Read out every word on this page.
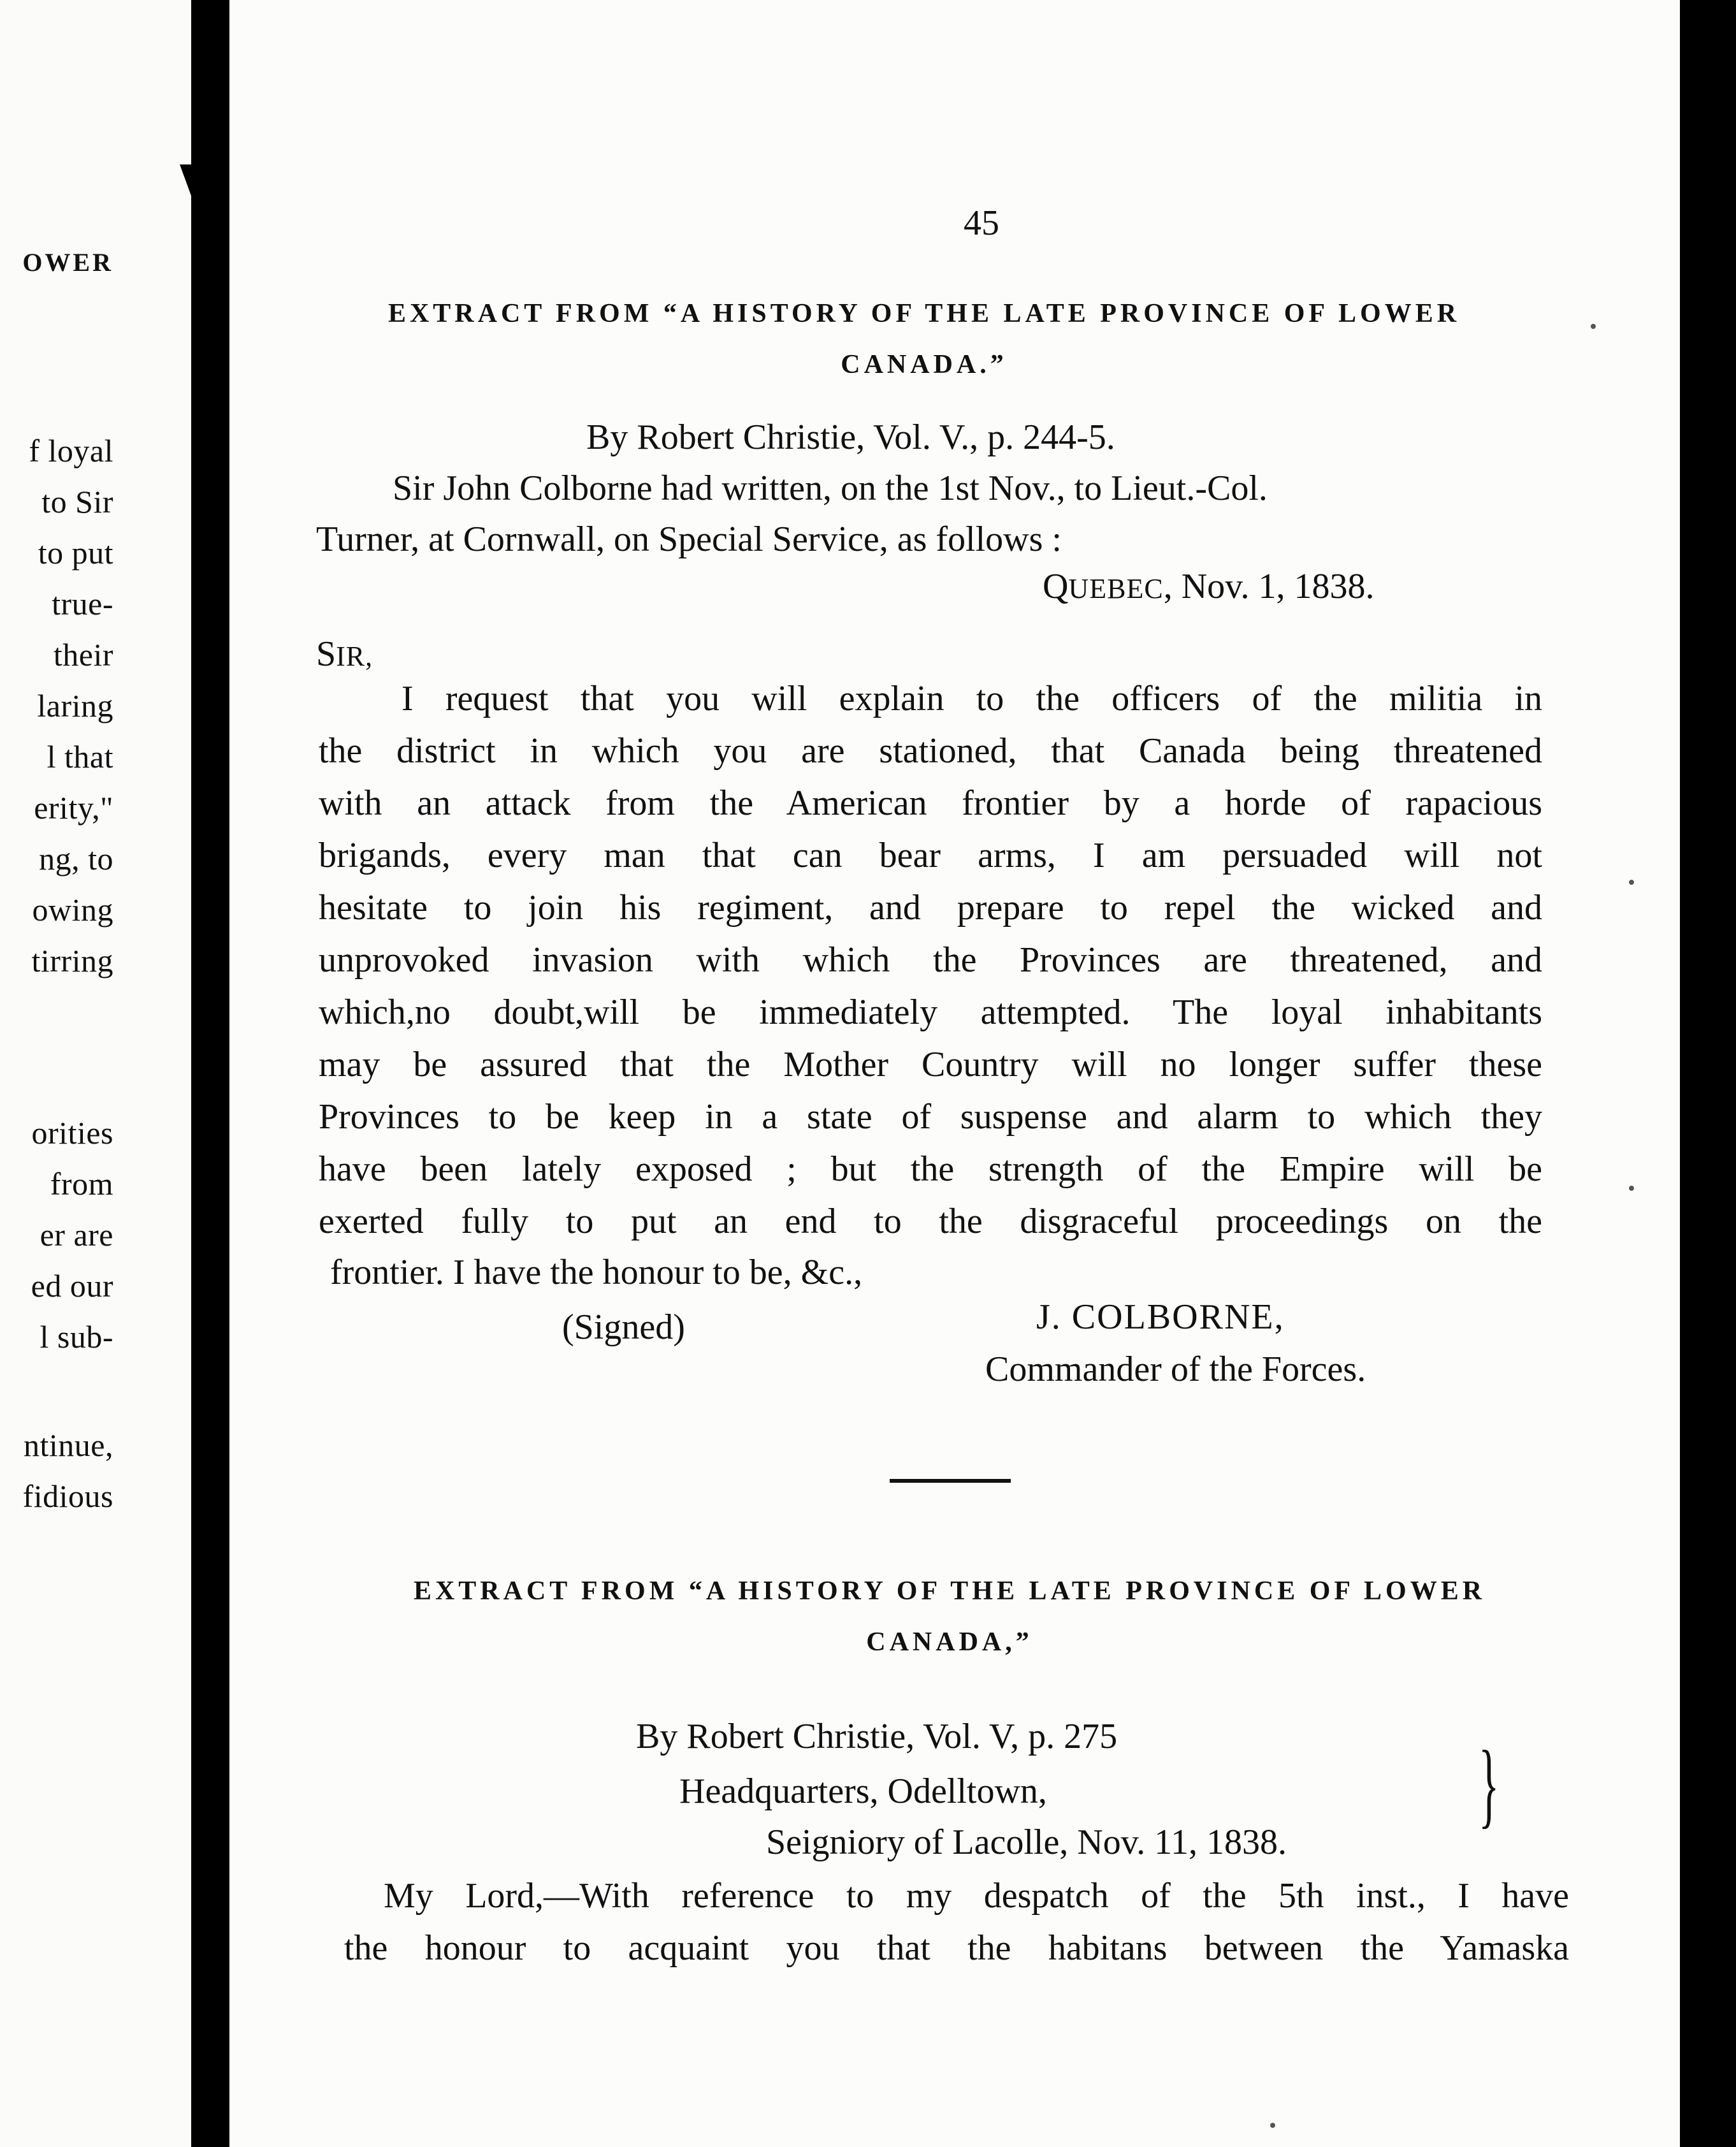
OWER
f loyal
to Sir
to put
true-
their
laring
l that
erity,"
ng, to
owing
tirring
orities
from
er are
ed our
l sub-
ntinue,
fidious
45
EXTRACT FROM “A HISTORY OF THE LATE PROVINCE OF LOWER
CANADA.”
By Robert Christie, Vol. V., p. 244-5.
Sir John Colborne had written, on the 1st Nov., to Lieut.-Col.
Turner, at Cornwall, on Special Service, as follows :
QUEBEC, Nov. 1, 1838.
SIR,
I request that you will explain to the officers of the militia in
the district in which you are stationed, that Canada being threatened
with an attack from the American frontier by a horde of rapacious
brigands, every man that can bear arms, I am persuaded will not
hesitate to join his regiment, and prepare to repel the wicked and
unprovoked invasion with which the Provinces are threatened, and
which,no doubt,will be immediately attempted. The loyal inhabitants
may be assured that the Mother Country will no longer suffer these
Provinces to be keep in a state of suspense and alarm to which they
have been lately exposed ; but the strength of the Empire will be
exerted fully to put an end to the disgraceful proceedings on the
frontier. I have the honour to be, &c.,
(Signed)	J. COLBORNE,
Commander of the Forces.
EXTRACT FROM “A HISTORY OF THE LATE PROVINCE OF LOWER
CANADA,”
By Robert Christie, Vol. V, p. 275
Headquarters, Odelltown,
Seigniory of Lacolle, Nov. 11, 1838.
}
My Lord,—With reference to my despatch of the 5th inst., I have
the honour to acquaint you that the habitans between the Yamaska
